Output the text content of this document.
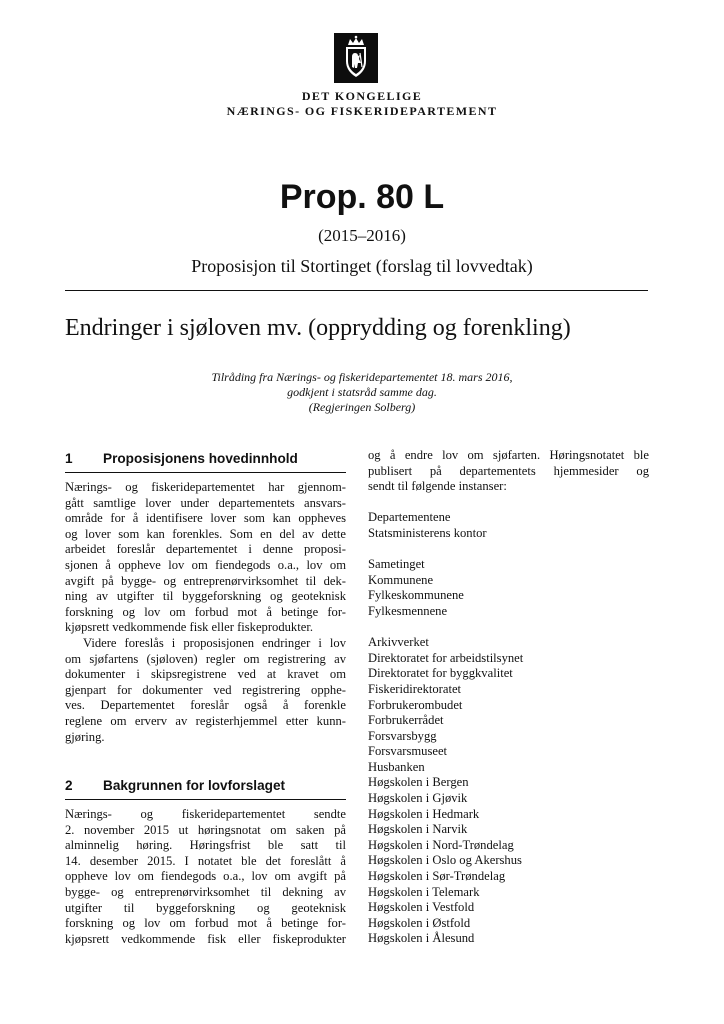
DET KONGELIGE
NÆRINGS- OG FISKERIDEPARTEMENT
Prop. 80 L
(2015–2016)
Proposisjon til Stortinget (forslag til lovvedtak)
Endringer i sjøloven mv. (opprydding og forenkling)
Tilråding fra Nærings- og fiskeridepartementet 18. mars 2016,
godkjent i statsråd samme dag.
(Regjeringen Solberg)
1	Proposisjonens hovedinnhold
Nærings- og fiskeridepartementet har gjennom-
gått samtlige lover under departementets ansvars-
område for å identifisere lover som kan oppheves
og lover som kan forenkles. Som en del av dette
arbeidet foreslår departementet i denne proposi-
sjonen å oppheve lov om fiendegods o.a., lov om
avgift på bygge- og entreprenørvirksomhet til dek-
ning av utgifter til byggeforskning og geoteknisk
forskning og lov om forbud mot å betinge for-
kjøpsrett vedkommende fisk eller fiskeprodukter.
Videre foreslås i proposisjonen endringer i lov
om sjøfartens (sjøloven) regler om registrering av
dokumenter i skipsregistrene ved at kravet om
gjenpart for dokumenter ved registrering opphe-
ves. Departementet foreslår også å forenkle
reglene om erverv av registerhjemmel etter kunn-
gjøring.
2	Bakgrunnen for lovforslaget
Nærings- og fiskeridepartementet sendte
2. november 2015 ut høringsnotat om saken på
alminnelig høring. Høringsfrist ble satt til
14. desember 2015. I notatet ble det foreslått å
oppheve lov om fiendegods o.a., lov om avgift på
bygge- og entreprenørvirksomhet til dekning av
utgifter til byggeforskning og geoteknisk
forskning og lov om forbud mot å betinge for-
kjøpsrett vedkommende fisk eller fiskeprodukter
og å endre lov om sjøfarten. Høringsnotatet ble
publisert på departementets hjemmesider og
sendt til følgende instanser:
Departementene
Statsministerens kontor
Sametinget
Kommunene
Fylkeskommunene
Fylkesmennene
Arkivverket
Direktoratet for arbeidstilsynet
Direktoratet for byggkvalitet
Fiskeridirektoratet
Forbrukerombudet
Forbrukerrådet
Forsvarsbygg
Forsvarsmuseet
Husbanken
Høgskolen i Bergen
Høgskolen i Gjøvik
Høgskolen i Hedmark
Høgskolen i Narvik
Høgskolen i Nord-Trøndelag
Høgskolen i Oslo og Akershus
Høgskolen i Sør-Trøndelag
Høgskolen i Telemark
Høgskolen i Vestfold
Høgskolen i Østfold
Høgskolen i Ålesund
